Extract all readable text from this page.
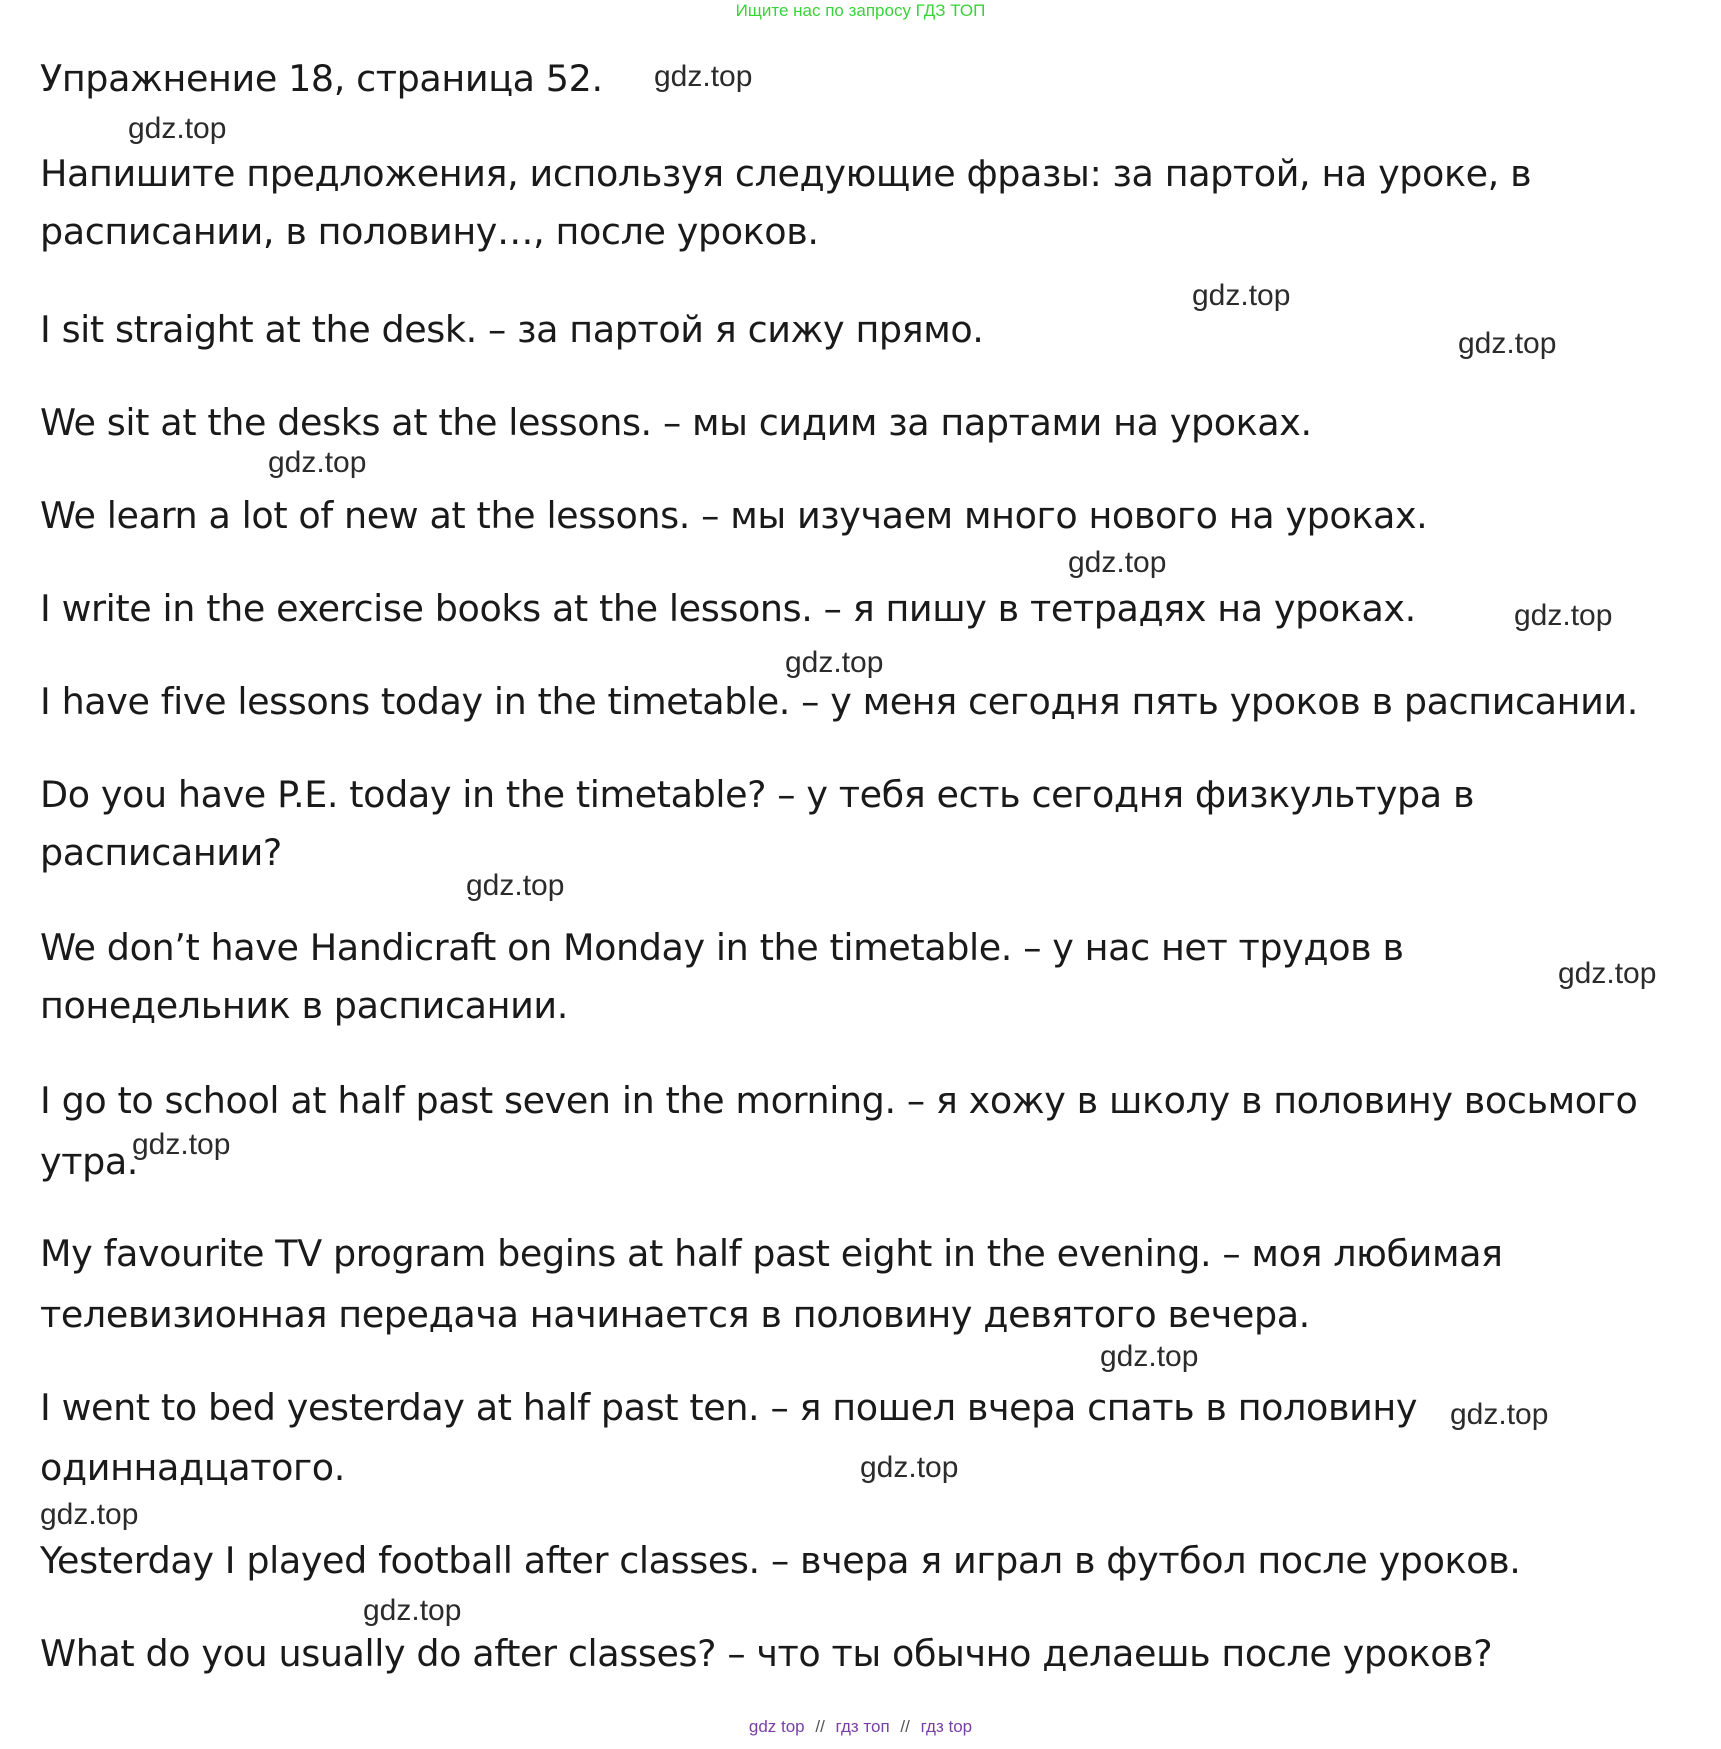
Ищите нас по запросу ГДЗ ТОП
Упражнение 18, страница 52.
Напишите предложения, используя следующие фразы: за партой, на уроке, в
расписании, в половину…, после уроков.
I sit straight at the desk. – за партой я сижу прямо.
We sit at the desks at the lessons. – мы сидим за партами на уроках.
We learn a lot of new at the lessons. – мы изучаем много нового на уроках.
I write in the exercise books at the lessons. – я пишу в тетрадях на уроках.
I have five lessons today in the timetable. – у меня сегодня пять уроков в расписании.
Do you have P.E. today in the timetable? – у тебя есть сегодня физкультура в
расписании?
We don’t have Handicraft on Monday in the timetable. – у нас нет трудов в
понедельник в расписании.
I go to school at half past seven in the morning. – я хожу в школу в половину восьмого
утра.
My favourite TV program begins at half past eight in the evening. – моя любимая
телевизионная передача начинается в половину девятого вечера.
I went to bed yesterday at half past ten. – я пошел вчера спать в половину
одиннадцатого.
Yesterday I played football after classes. – вчера я играл в футбол после уроков.
What do you usually do after classes? – что ты обычно делаешь после уроков?
gdz.top
gdz.top
gdz.top
gdz.top
gdz.top
gdz.top
gdz.top
gdz.top
gdz.top
gdz.top
gdz.top
gdz.top
gdz.top
gdz.top
gdz.top
gdz.top
gdz top // гдз топ // гдз top
